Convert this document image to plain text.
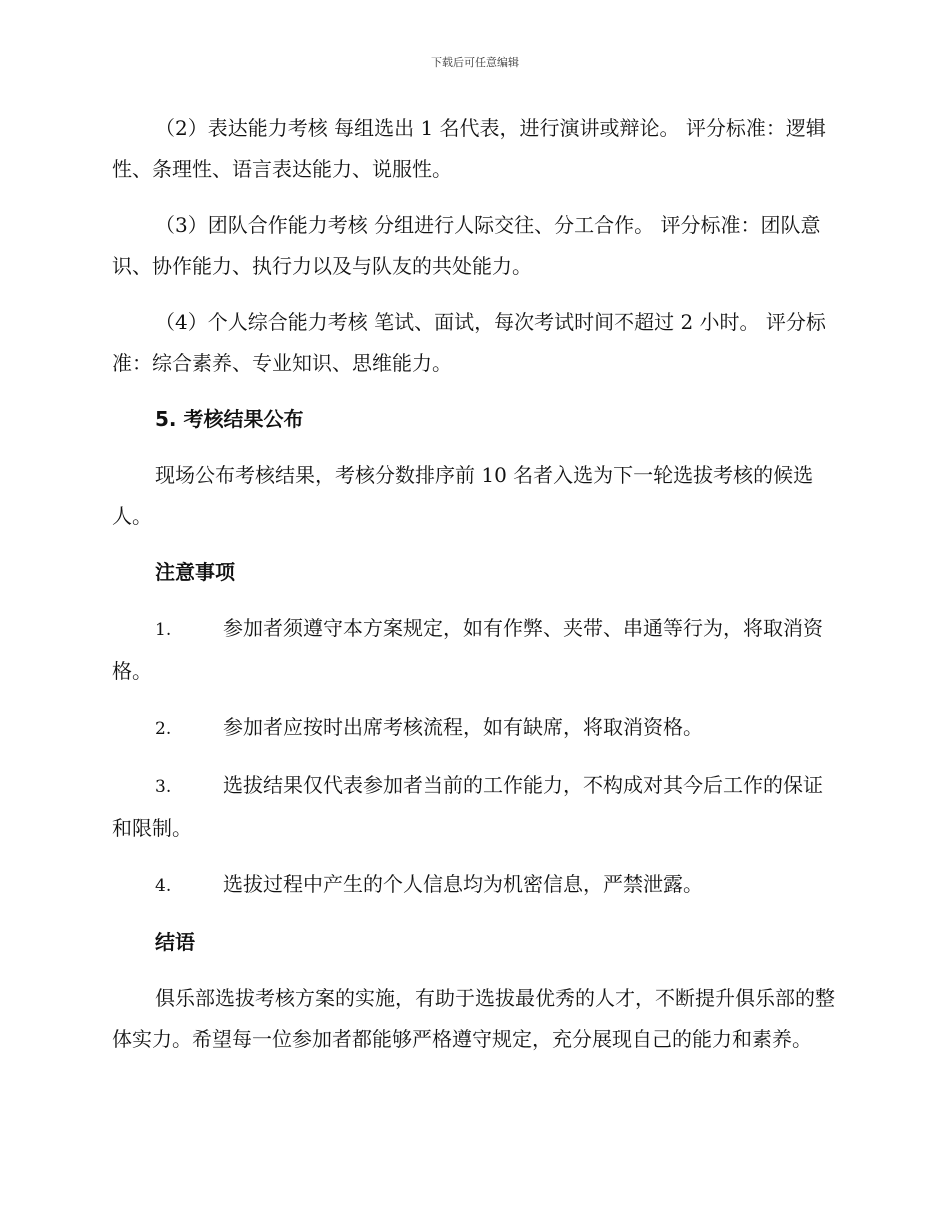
下载后可任意编辑

（2）表达能力考核 每组选出 1 名代表，进行演讲或辩论。 评分标准：逻辑性、条理性、语言表达能力、说服性。

（3）团队合作能力考核 分组进行人际交往、分工合作。 评分标准：团队意识、协作能力、执行力以及与队友的共处能力。

（4）个人综合能力考核 笔试、面试，每次考试时间不超过 2 小时。 评分标准：综合素养、专业知识、思维能力。

5. 考核结果公布

现场公布考核结果，考核分数排序前 10 名者入选为下一轮选拔考核的候选人。

注意事项

1.	参加者须遵守本方案规定，如有作弊、夹带、串通等行为，将取消资格。

2.	参加者应按时出席考核流程，如有缺席，将取消资格。

3.	选拔结果仅代表参加者当前的工作能力，不构成对其今后工作的保证和限制。

4.	选拔过程中产生的个人信息均为机密信息，严禁泄露。

结语

俱乐部选拔考核方案的实施，有助于选拔最优秀的人才，不断提升俱乐部的整体实力。希望每一位参加者都能够严格遵守规定，充分展现自己的能力和素养。
